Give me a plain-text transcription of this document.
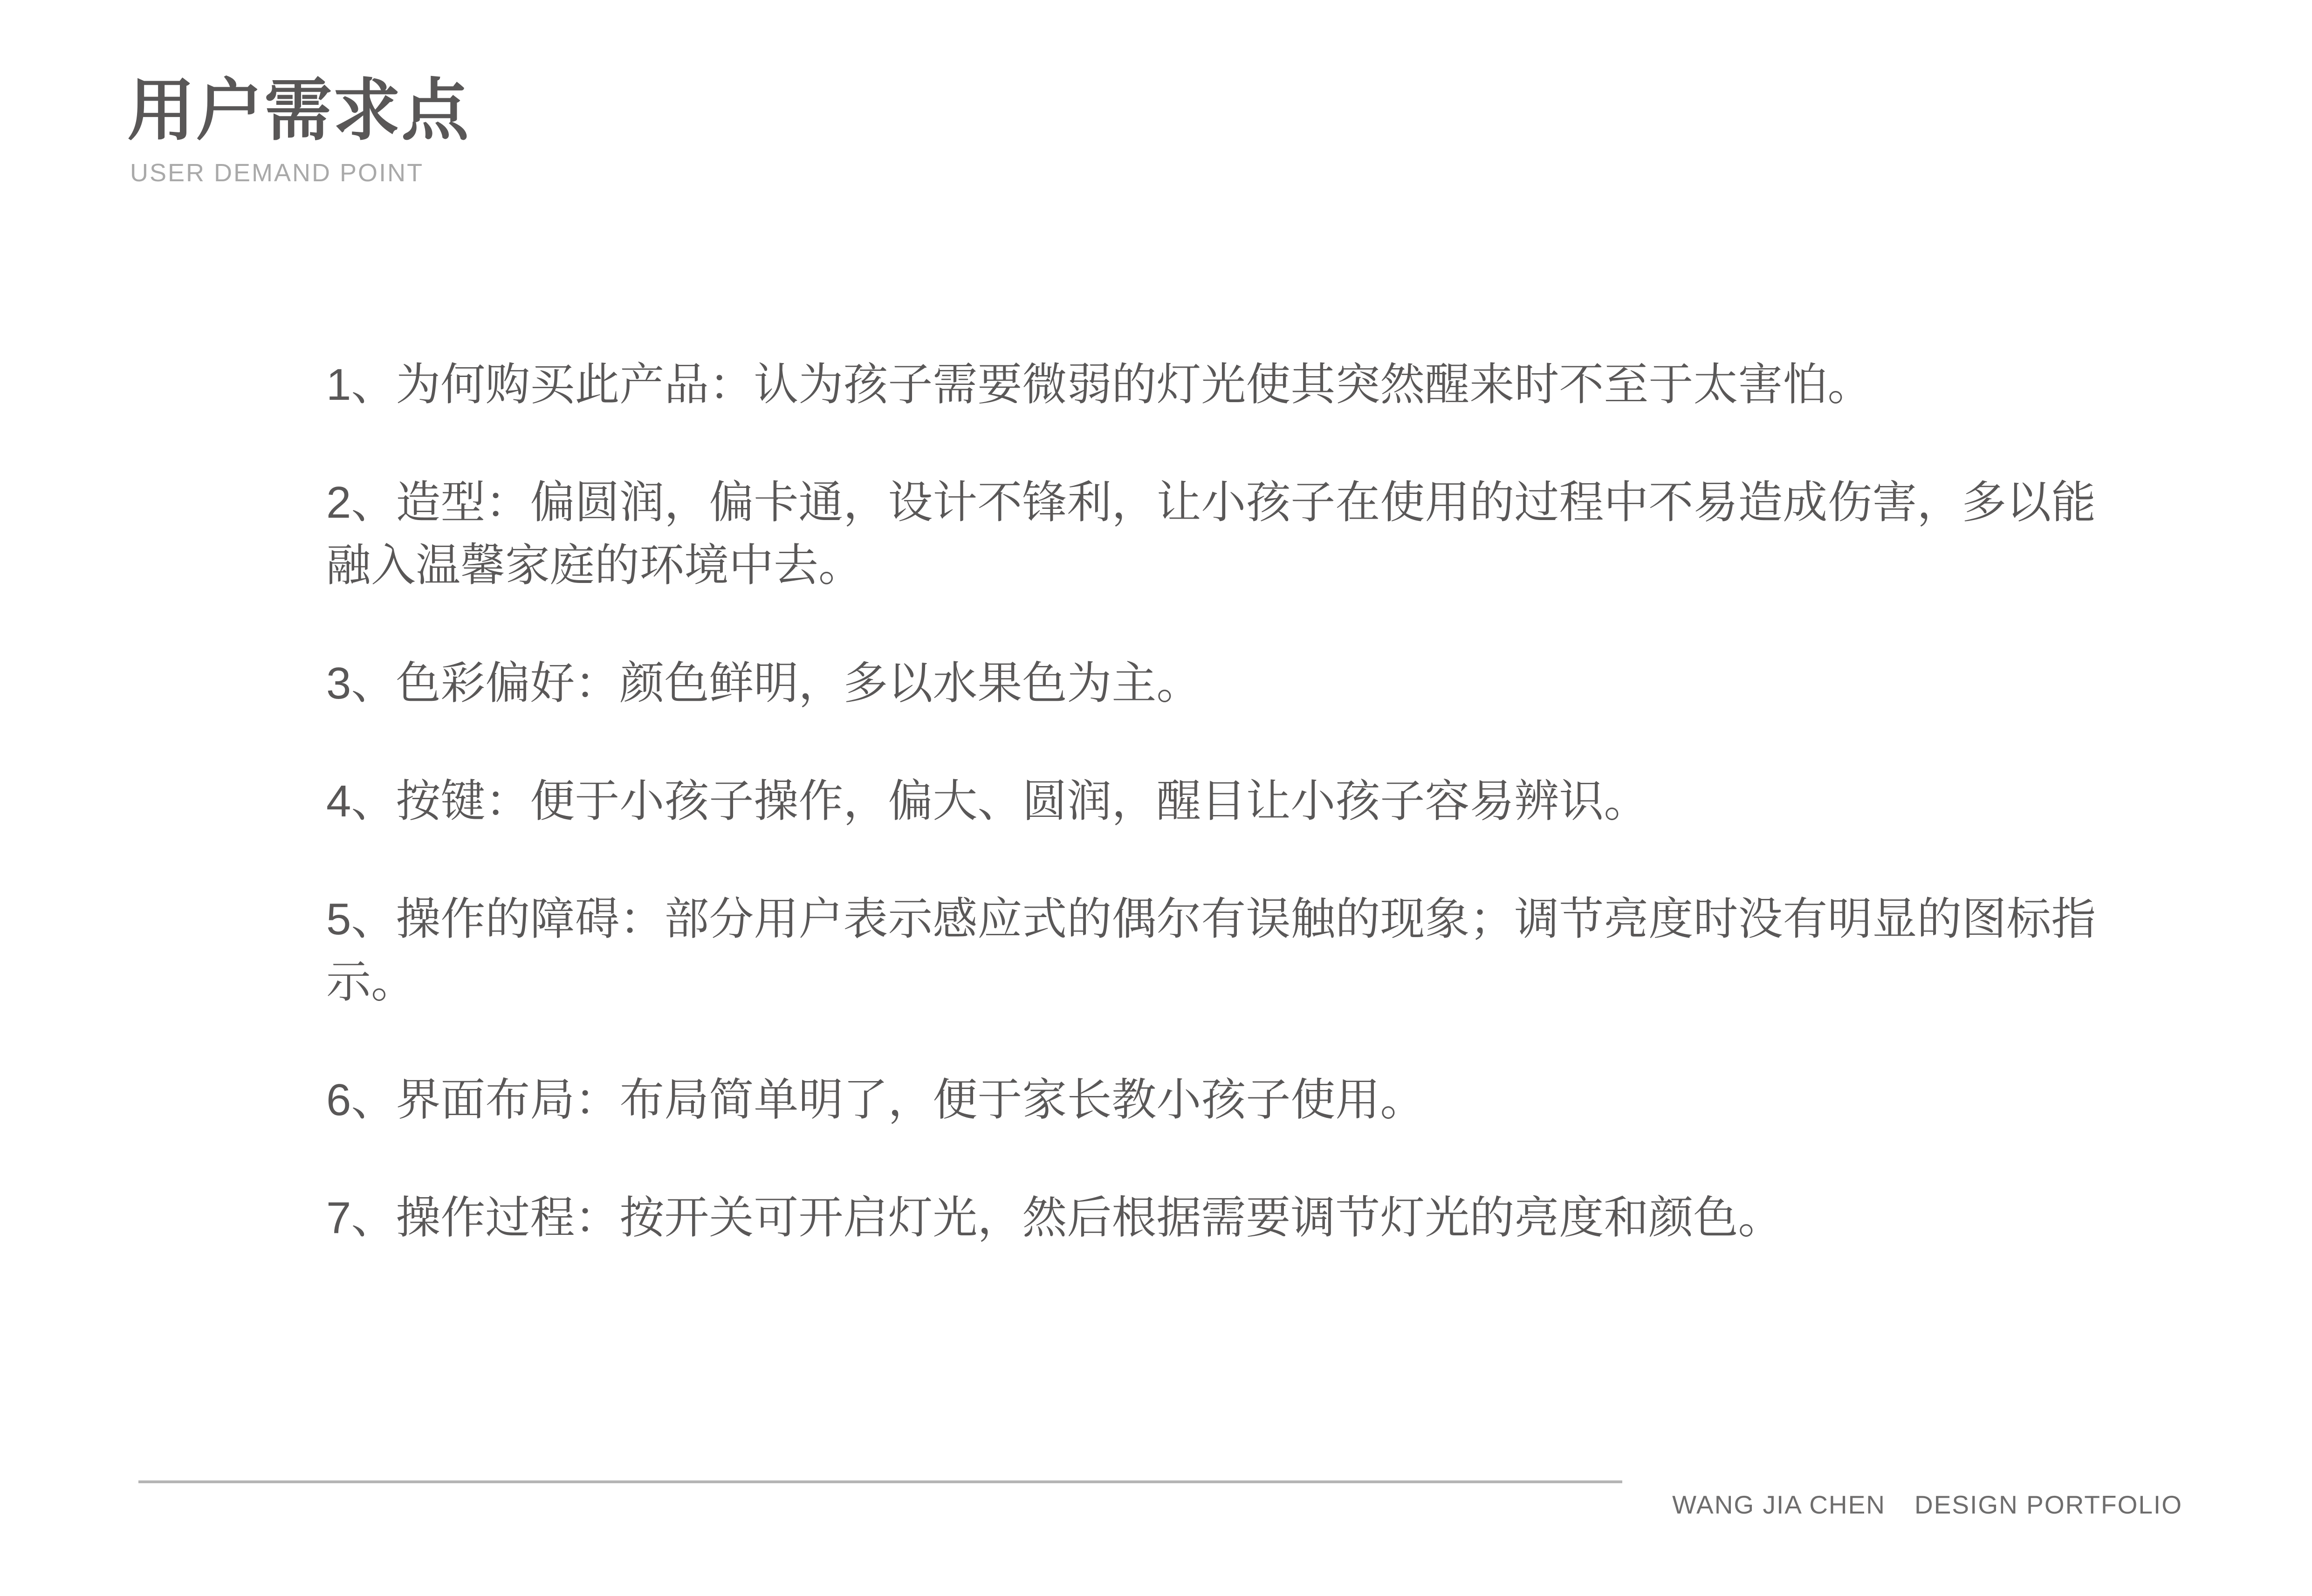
用户需求点
USER DEMAND POINT

1、为何购买此产品：认为孩子需要微弱的灯光使其突然醒来时不至于太害怕。

2、造型：偏圆润，偏卡通，设计不锋利，让小孩子在使用的过程中不易造成伤害，多以能融入温馨家庭的环境中去。

3、色彩偏好：颜色鲜明，多以水果色为主。

4、按键：便于小孩子操作，偏大、圆润，醒目让小孩子容易辨识。

5、操作的障碍：部分用户表示感应式的偶尔有误触的现象；调节亮度时没有明显的图标指示。

6、界面布局：布局简单明了，便于家长教小孩子使用。

7、操作过程：按开关可开启灯光，然后根据需要调节灯光的亮度和颜色。

WANG JIA CHEN DESIGN PORTFOLIO
